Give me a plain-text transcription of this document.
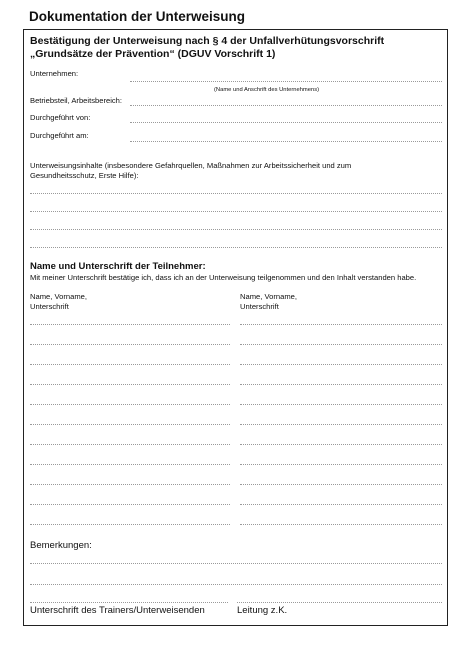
Dokumentation der Unterweisung
Bestätigung der Unterweisung nach § 4 der Unfallverhütungsvorschrift
„Grundsätze der Prävention“ (DGUV Vorschrift 1)
Unternehmen:
(Name und Anschrift des Unternehmens)
Betriebsteil, Arbeitsbereich:
Durchgeführt von:
Durchgeführt am:
Unterweisungsinhalte (insbesondere Gefahrquellen, Maßnahmen zur Arbeitssicherheit und zum
Gesundheitsschutz, Erste Hilfe):
Name und Unterschrift der Teilnehmer:
Mit meiner Unterschrift bestätige ich, dass ich an der Unterweisung teilgenommen und den Inhalt verstanden habe.
Name, Vorname,
Unterschrift
Name, Vorname,
Unterschrift
Bemerkungen:
Unterschrift des Trainers/Unterweisenden	Leitung z.K.
